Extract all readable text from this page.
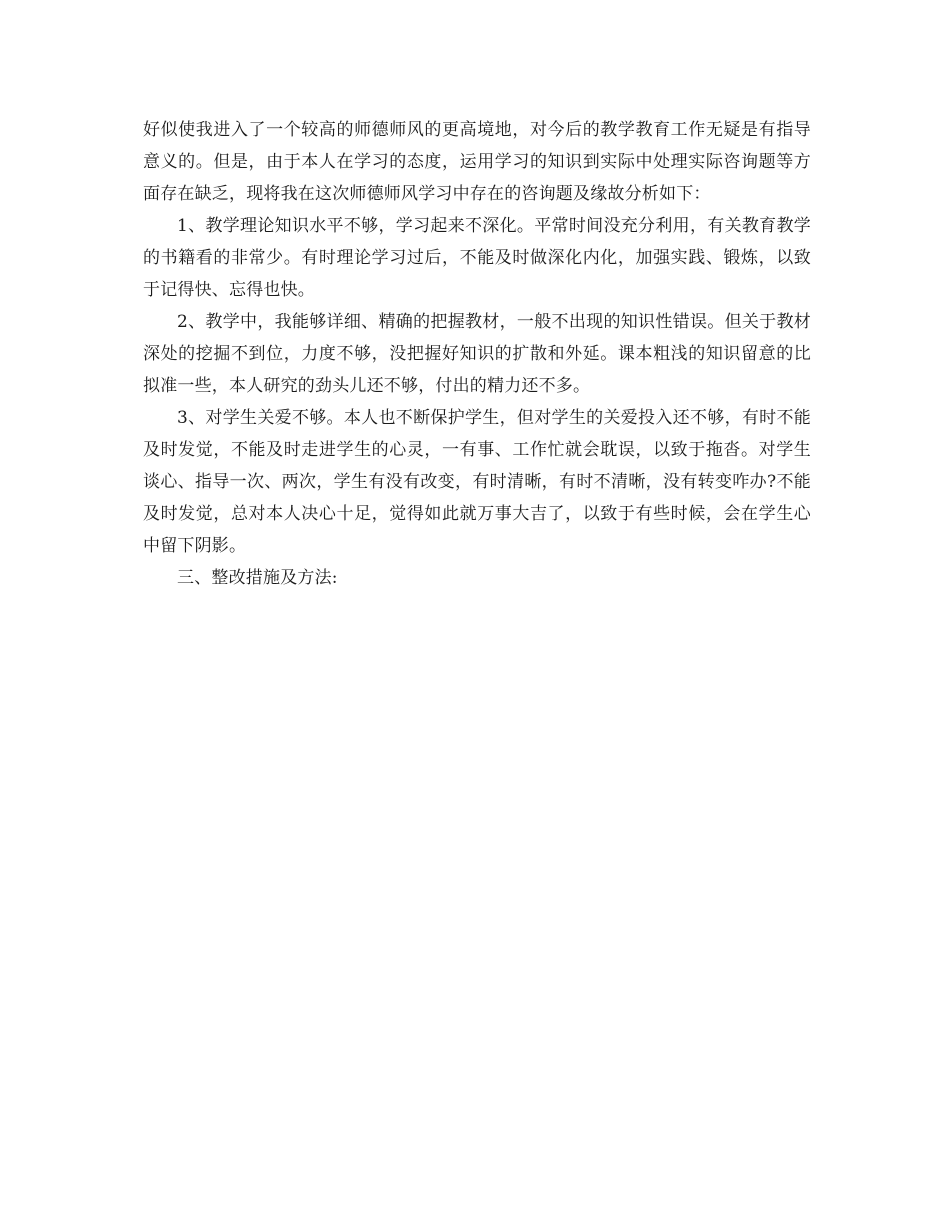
好似使我进入了一个较高的师德师风的更高境地，对今后的教学教育工作无疑是有指导意义的。但是，由于本人在学习的态度，运用学习的知识到实际中处理实际咨询题等方面存在缺乏，现将我在这次师德师风学习中存在的咨询题及缘故分析如下：

1、教学理论知识水平不够，学习起来不深化。平常时间没充分利用，有关教育教学的书籍看的非常少。有时理论学习过后，不能及时做深化内化，加强实践、锻炼，以致于记得快、忘得也快。

2、教学中，我能够详细、精确的把握教材，一般不出现的知识性错误。但关于教材深处的挖掘不到位，力度不够，没把握好知识的扩散和外延。课本粗浅的知识留意的比拟准一些，本人研究的劲头儿还不够，付出的精力还不多。

3、对学生关爱不够。本人也不断保护学生，但对学生的关爱投入还不够，有时不能及时发觉，不能及时走进学生的心灵，一有事、工作忙就会耽误，以致于拖沓。对学生谈心、指导一次、两次，学生有没有改变，有时清晰，有时不清晰，没有转变咋办?不能及时发觉，总对本人决心十足，觉得如此就万事大吉了，以致于有些时候，会在学生心中留下阴影。

三、整改措施及方法:
